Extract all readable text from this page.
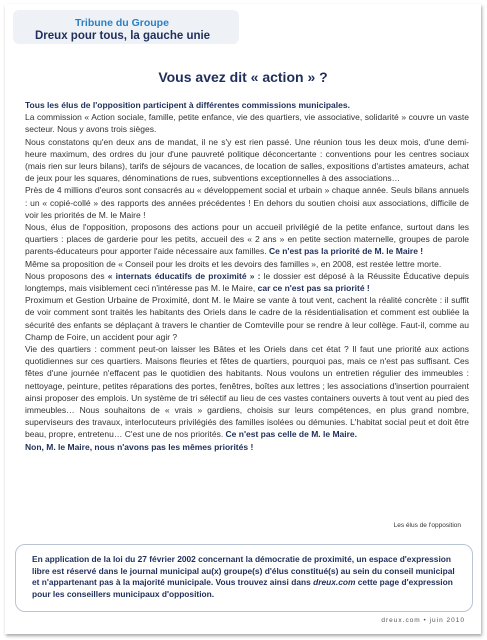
Tribune du Groupe
Dreux pour tous, la gauche unie
Vous avez dit « action » ?

Tous les élus de l'opposition participent à différentes commissions municipales.

La commission « Action sociale, famille, petite enfance, vie des quartiers, vie associative, solidarité » couvre un vaste secteur. Nous y avons trois sièges.

Nous constatons qu'en deux ans de mandat, il ne s'y est rien passé. Une réunion tous les deux mois, d'une demi-heure maximum, des ordres du jour d'une pauvreté politique déconcertante : conventions pour les centres sociaux (mais rien sur leurs bilans), tarifs de séjours de vacances, de location de salles, expositions d'artistes amateurs, achat de jeux pour les squares, dénominations de rues, subventions exceptionnelles à des associations…

Près de 4 millions d'euros sont consacrés au « développement social et urbain » chaque année. Seuls bilans annuels : un « copié-collé » des rapports des années précédentes ! En dehors du soutien choisi aux associations, difficile de voir les priorités de M. le Maire !

Nous, élus de l'opposition, proposons des actions pour un accueil privilégié de la petite enfance, surtout dans les quartiers : places de garderie pour les petits, accueil des « 2 ans » en petite section maternelle, groupes de parole parents-éducateurs pour apporter l'aide nécessaire aux familles. Ce n'est pas la priorité de M. le Maire !

Même sa proposition de « Conseil pour les droits et les devoirs des familles », en 2008, est restée lettre morte.

Nous proposons des « internats éducatifs de proximité » : le dossier est déposé à la Réussite Éducative depuis longtemps, mais visiblement ceci n'intéresse pas M. le Maire, car ce n'est pas sa priorité !

Proximum et Gestion Urbaine de Proximité, dont M. le Maire se vante à tout vent, cachent la réalité concrète : il suffit de voir comment sont traités les habitants des Oriels dans le cadre de la résidentialisation et comment est oubliée la sécurité des enfants se déplaçant à travers le chantier de Comteville pour se rendre à leur collège. Faut-il, comme au Champ de Foire, un accident pour agir ?

Vie des quartiers : comment peut-on laisser les Bâtes et les Oriels dans cet état ? Il faut une priorité aux actions quotidiennes sur ces quartiers. Maisons fleuries et fêtes de quartiers, pourquoi pas, mais ce n'est pas suffisant. Ces fêtes d'une journée n'effacent pas le quotidien des habitants. Nous voulons un entretien régulier des immeubles : nettoyage, peinture, petites réparations des portes, fenêtres, boîtes aux lettres ; les associations d'insertion pourraient ainsi proposer des emplois. Un système de tri sélectif au lieu de ces vastes containers ouverts à tout vent au pied des immeubles… Nous souhaitons de « vrais » gardiens, choisis sur leurs compétences, en plus grand nombre, superviseurs des travaux, interlocuteurs privilégiés des familles isolées ou démunies. L'habitat social peut et doit être beau, propre, entretenu… C'est une de nos priorités. Ce n'est pas celle de M. le Maire.

Non, M. le Maire, nous n'avons pas les mêmes priorités !

Les élus de l'opposition
En application de la loi du 27 février 2002 concernant la démocratie de proximité, un espace d'expression libre est réservé dans le journal municipal au(x) groupe(s) d'élus constitué(s) au sein du conseil municipal et n'appartenant pas à la majorité municipale. Vous trouvez ainsi dans dreux.com cette page d'expression pour les conseillers municipaux d'opposition.
dreux.com • juin 2010
